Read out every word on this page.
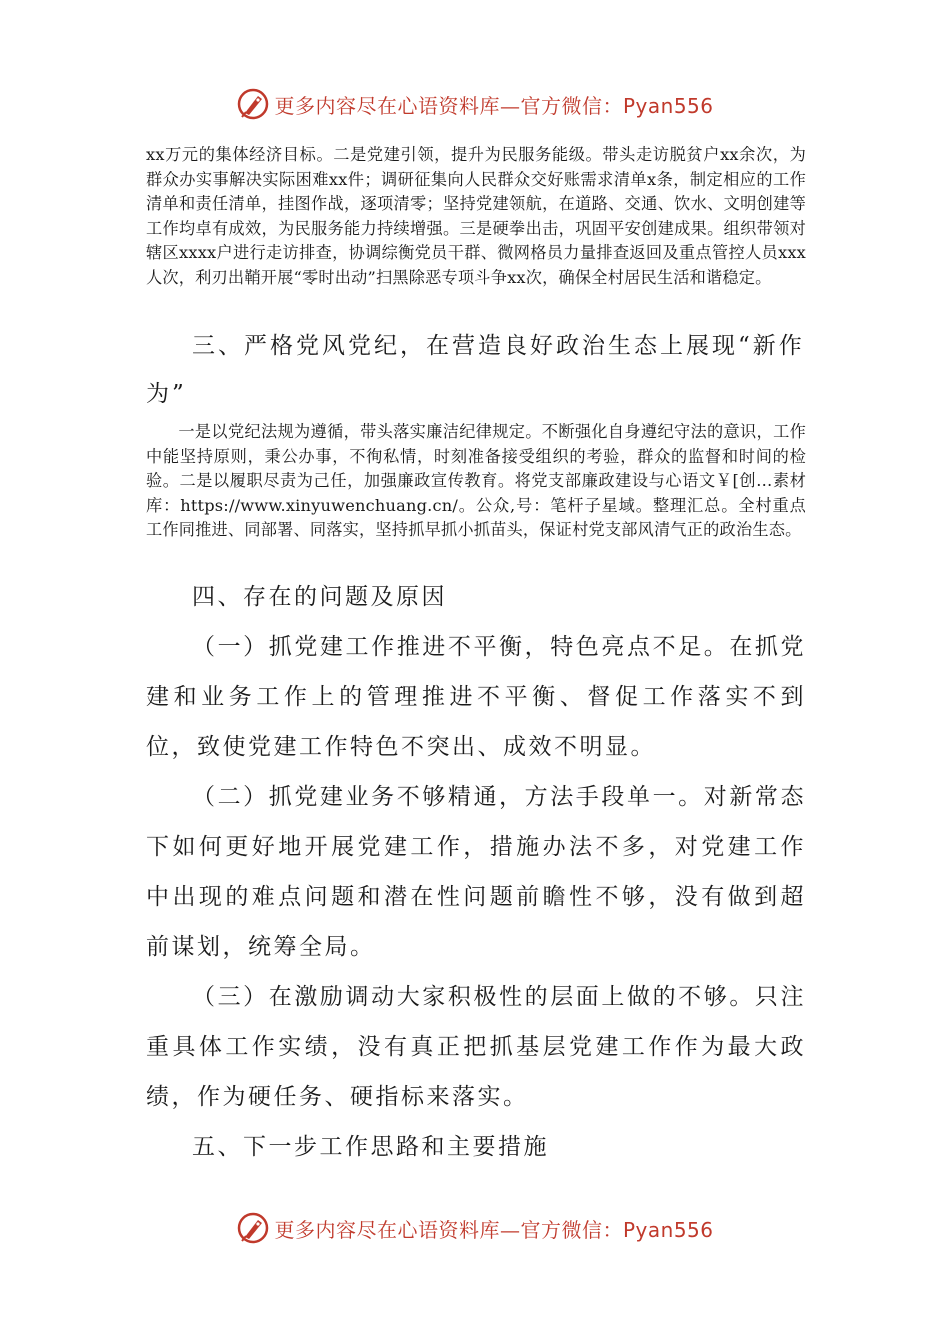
更多内容尽在心语资料库—官方微信：Pyan556

xx万元的集体经济目标。二是党建引领，提升为民服务能级。带头走访脱贫户xx余次，为群众办实事解决实际困难xx件；调研征集向人民群众交好账需求清单x条，制定相应的工作清单和责任清单，挂图作战，逐项清零；坚持党建领航，在道路、交通、饮水、文明创建等工作均卓有成效，为民服务能力持续增强。三是硬拳出击，巩固平安创建成果。组织带领对辖区xxxx户进行走访排查，协调综衡党员干群、微网格员力量排查返回及重点管控人员xxx人次，利刃出鞘开展“零时出动”扫黑除恶专项斗争xx次，确保全村居民生活和谐稳定。

三、严格党风党纪，在营造良好政治生态上展现“新作为”

一是以党纪法规为遵循，带头落实廉洁纪律规定。不断强化自身遵纪守法的意识，工作中能坚持原则，秉公办事，不徇私情，时刻准备接受组织的考验，群众的监督和时间的检验。二是以履职尽责为己任，加强廉政宣传教育。将党支部廉政建设与心语文￥[创…素材库：https://www.xinyuwenchuang.cn/。公众,号：笔杆子星域。整理汇总。全村重点工作同推进、同部署、同落实，坚持抓早抓小抓苗头，保证村党支部风清气正的政治生态。

四、存在的问题及原因

（一）抓党建工作推进不平衡，特色亮点不足。在抓党建和业务工作上的管理推进不平衡、督促工作落实不到位，致使党建工作特色不突出、成效不明显。

（二）抓党建业务不够精通，方法手段单一。对新常态下如何更好地开展党建工作，措施办法不多，对党建工作中出现的难点问题和潜在性问题前瞻性不够，没有做到超前谋划，统筹全局。

（三）在激励调动大家积极性的层面上做的不够。只注重具体工作实绩，没有真正把抓基层党建工作作为最大政绩，作为硬任务、硬指标来落实。

五、下一步工作思路和主要措施

更多内容尽在心语资料库—官方微信：Pyan556
